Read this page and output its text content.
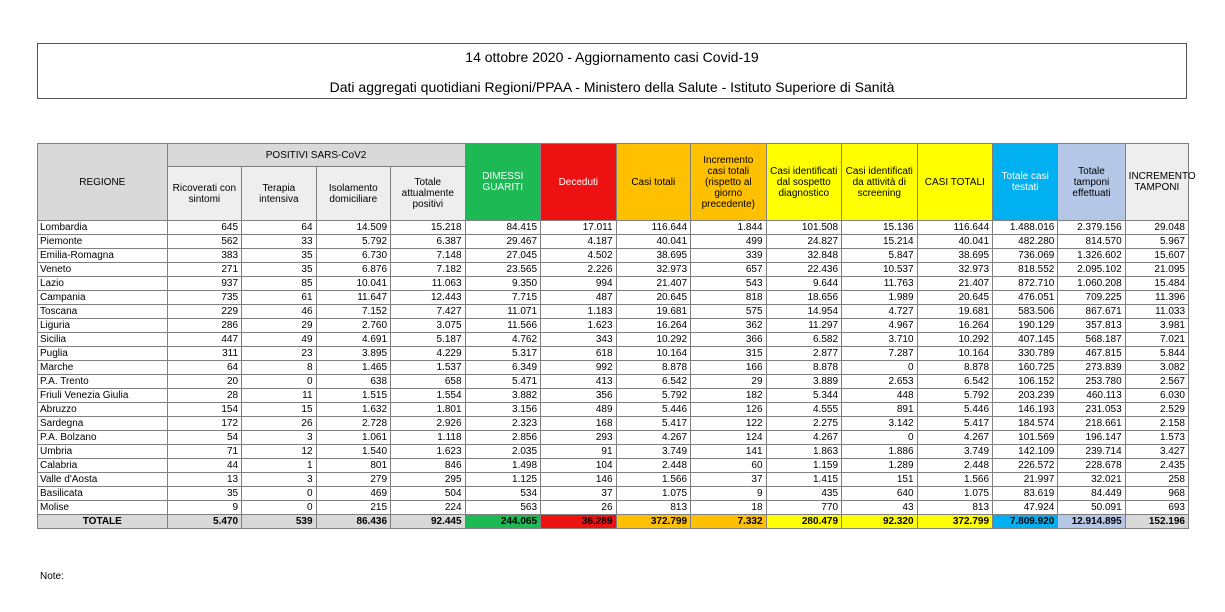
14 ottobre 2020 - Aggiornamento casi Covid-19
Dati aggregati quotidiani Regioni/PPAA - Ministero della Salute - Istituto Superiore di Sanità
REGIONE	POSITIVI SARS-CoV2				DIMESSI GUARITI	Deceduti	Casi totali	Incremento casi totali (rispetto al giorno precedente)	Casi identificati dal sospetto diagnostico	Casi identificati da attività di screening	CASI TOTALI	Totale casi testati	Totale tamponi effettuati	INCREMENTO TAMPONI
	Ricoverati con sintomi	Terapia intensiva	Isolamento domiciliare	Totale attualmente positivi										
Lombardia	645	64	14.509	15.218	84.415	17.011	116.644	1.844	101.508	15.136	116.644	1.488.016	2.379.156	29.048
Piemonte	562	33	5.792	6.387	29.467	4.187	40.041	499	24.827	15.214	40.041	482.280	814.570	5.967
Emilia-Romagna	383	35	6.730	7.148	27.045	4.502	38.695	339	32.848	5.847	38.695	736.069	1.326.602	15.607
Veneto	271	35	6.876	7.182	23.565	2.226	32.973	657	22.436	10.537	32.973	818.552	2.095.102	21.095
Lazio	937	85	10.041	11.063	9.350	994	21.407	543	9.644	11.763	21.407	872.710	1.060.208	15.484
Campania	735	61	11.647	12.443	7.715	487	20.645	818	18.656	1.989	20.645	476.051	709.225	11.396
Toscana	229	46	7.152	7.427	11.071	1.183	19.681	575	14.954	4.727	19.681	583.506	867.671	11.033
Liguria	286	29	2.760	3.075	11.566	1.623	16.264	362	11.297	4.967	16.264	190.129	357.813	3.981
Sicilia	447	49	4.691	5.187	4.762	343	10.292	366	6.582	3.710	10.292	407.145	568.187	7.021
Puglia	311	23	3.895	4.229	5.317	618	10.164	315	2.877	7.287	10.164	330.789	467.815	5.844
Marche	64	8	1.465	1.537	6.349	992	8.878	166	8.878	0	8.878	160.725	273.839	3.082
P.A. Trento	20	0	638	658	5.471	413	6.542	29	3.889	2.653	6.542	106.152	253.780	2.567
Friuli Venezia Giulia	28	11	1.515	1.554	3.882	356	5.792	182	5.344	448	5.792	203.239	460.113	6.030
Abruzzo	154	15	1.632	1.801	3.156	489	5.446	126	4.555	891	5.446	146.193	231.053	2.529
Sardegna	172	26	2.728	2.926	2.323	168	5.417	122	2.275	3.142	5.417	184.574	218.661	2.158
P.A. Bolzano	54	3	1.061	1.118	2.856	293	4.267	124	4.267	0	4.267	101.569	196.147	1.573
Umbria	71	12	1.540	1.623	2.035	91	3.749	141	1.863	1.886	3.749	142.109	239.714	3.427
Calabria	44	1	801	846	1.498	104	2.448	60	1.159	1.289	2.448	226.572	228.678	2.435
Valle d'Aosta	13	3	279	295	1.125	146	1.566	37	1.415	151	1.566	21.997	32.021	258
Basilicata	35	0	469	504	534	37	1.075	9	435	640	1.075	83.619	84.449	968
Molise	9	0	215	224	563	26	813	18	770	43	813	47.924	50.091	693
TOTALE	5.470	539	86.436	92.445	244.065	36.289	372.799	7.332	280.479	92.320	372.799	7.809.920	12.914.895	152.196
Note:
